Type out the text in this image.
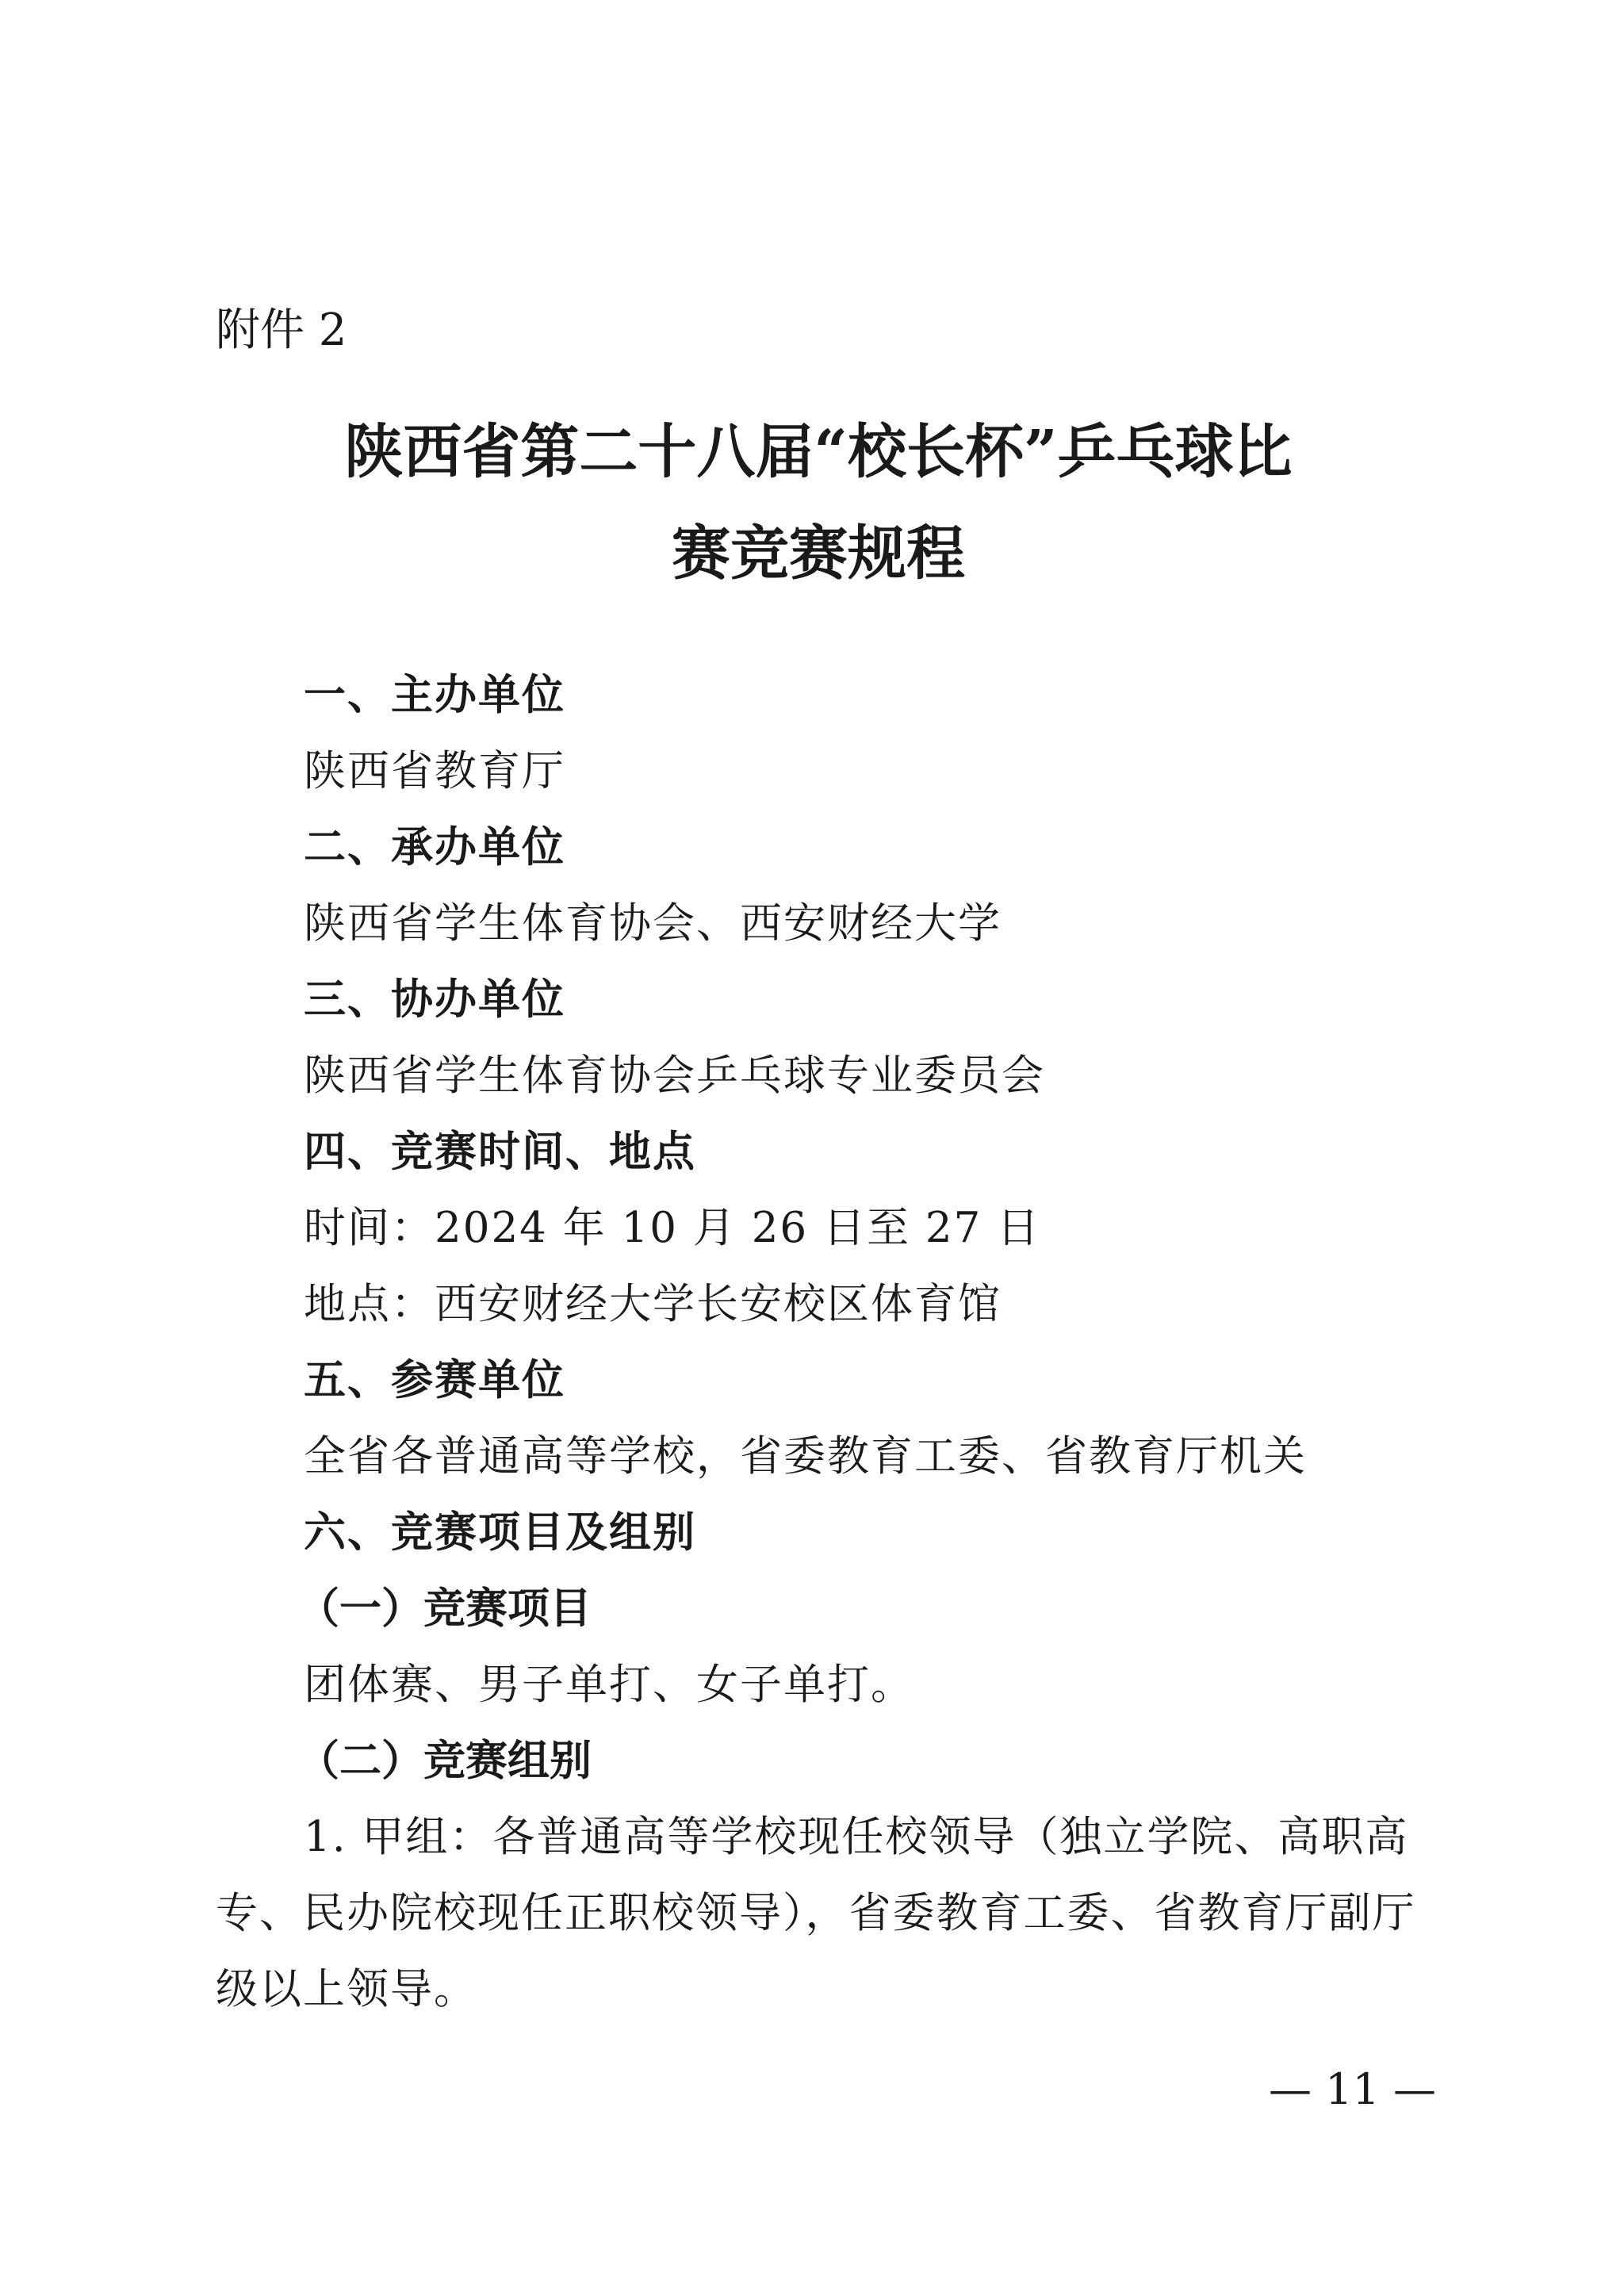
附件 2
陕西省第二十八届“校长杯”乒乓球比
赛竞赛规程
一、主办单位
陕西省教育厅
二、承办单位
陕西省学生体育协会、西安财经大学
三、协办单位
陕西省学生体育协会乒乓球专业委员会
四、竞赛时间、地点
时间：2024 年 10 月 26 日至 27 日
地点：西安财经大学长安校区体育馆
五、参赛单位
全省各普通高等学校，省委教育工委、省教育厅机关
六、竞赛项目及组别
（一）竞赛项目
团体赛、男子单打、女子单打。
（二）竞赛组别
1. 甲组：各普通高等学校现任校领导（独立学院、高职高
专、民办院校现任正职校领导），省委教育工委、省教育厅副厅
级以上领导。
— 11 —
